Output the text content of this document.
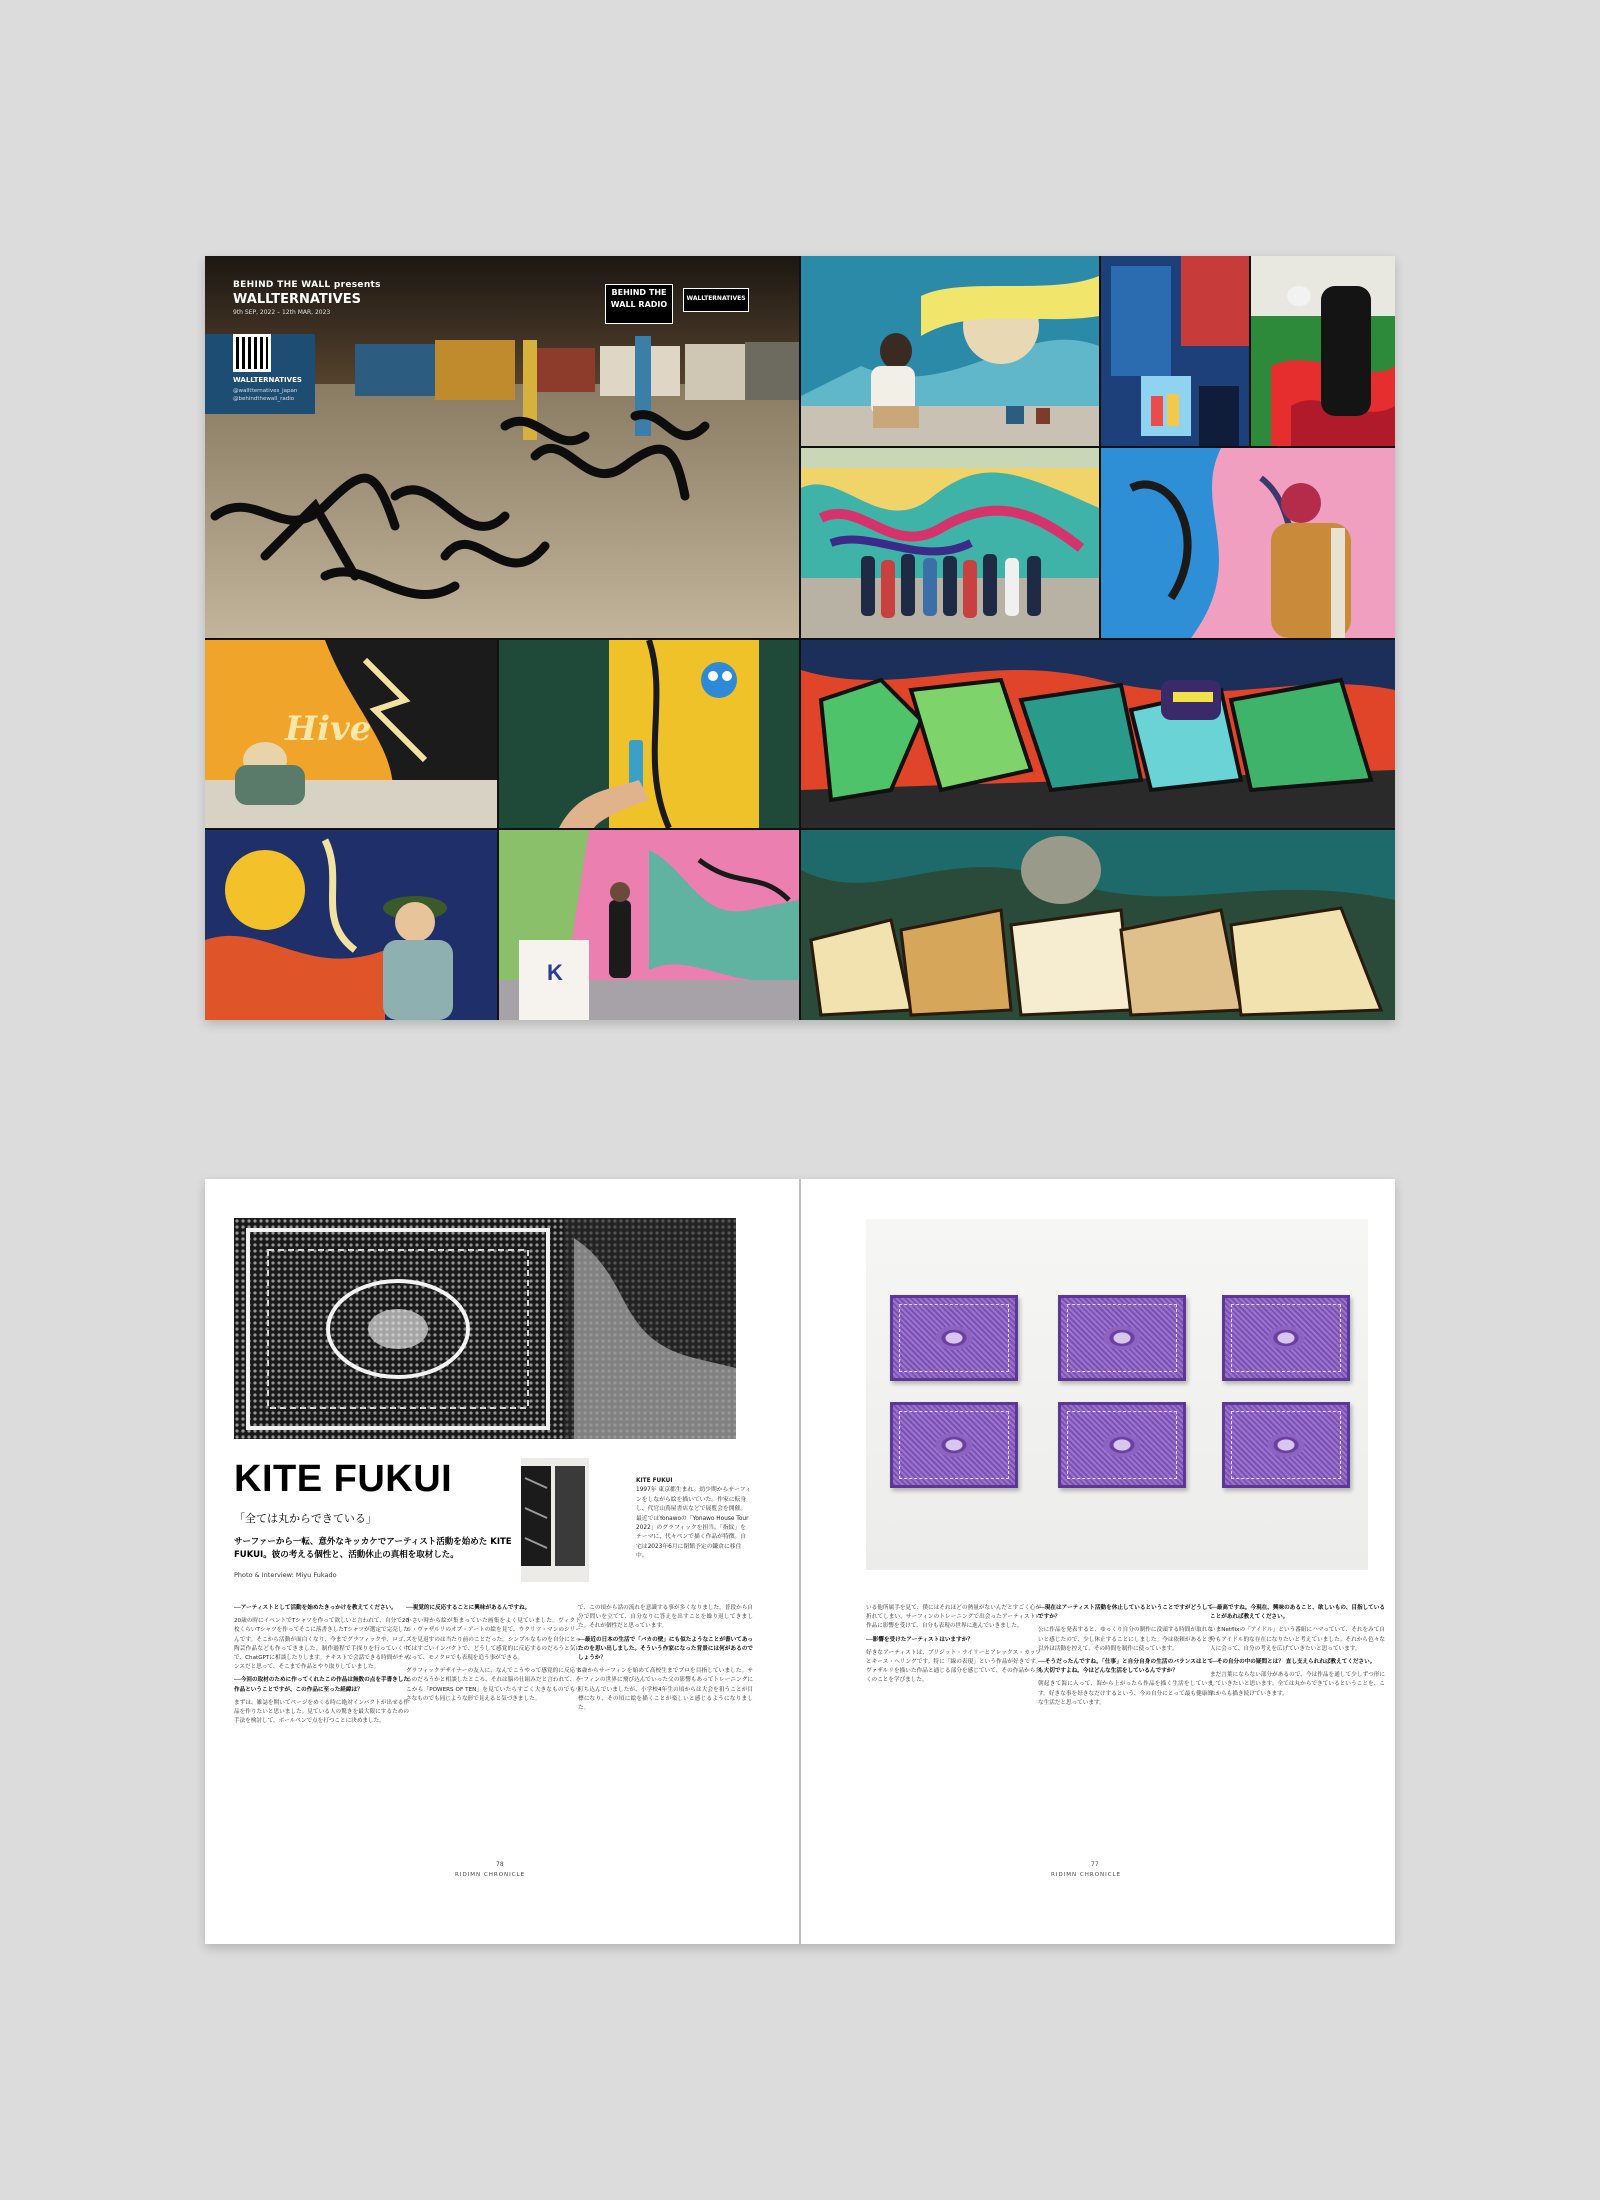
BEHIND THE WALL presents
WALLTERNATIVES
9th SEP, 2022 – 12th MAR, 2023
WALLTERNATIVES
@walltternatives_japan
@behindthewall_radio
BEHIND THE WALL RADIO
WALLTERNATIVES
Hive
K
KITE FUKUI
「全ては丸からできている」
サーファーから一転、意外なキッカケでアーティスト活動を始めた KITE FUKUI。彼の考える個性と、活動休止の真相を取材した。
Photo & Interview: Miyu Fukado
KITE FUKUI
1997年 東京都生まれ。幼少期からサーフィンをしながら絵を描いていた。作家に転身し、代官山蔦屋書店などで展覧会を開催。最近ではYonawoの「Yonawo House Tour 2022」のグラフィックを担当。「指紋」をテーマに、代々ペンで描く作品が特徴。自宅は2023年6月に閉館予定の鎌倉に移住中。

──アーティストとして活動を始めたきっかけを教えてください。

20歳の時にイベントでTシャツを作って欲しいと言われて、自分で20枚くらいTシャツを作ってそこに落書きしたTシャツが選定で完売したんです。そこから活動が面白くなり、今までグラフィックや、ロゴ、陶芸作品なども作ってきました。制作過程で手探りを行っていく中で、ChatGPTに相談したりします。テキストで会話できる時間がチャンスだと思って、そこまで作品とやり取りしていました。

──今回の取材のために作ってくれたこの作品は無数の点を手書きした作品ということですが、この作品に至った経緯は？

まずは、雑誌を開いてページをめくる時に絶対インパクトが出せる作品を作りたいと思いました。見ている人の驚きを最大限にするための手法を検討して、ボールペンで点を打つことに決めました。

──視覚的に反応することに興味があるんですね。

小さい時から絵が集まっていた画集をよく見ていました。ヴィクトル・ヴァザルリのオプ・アートの絵を見て、ウクリツ・マンのシリーズを見返すのは当たり前のことだった。シンプルなものを自分にとってはすごいインパクトで、どうして感覚的に反応するのだろうと気になって、モノクロでも表現を追う事ができる。

グラフィックデザイナーの友人に、なんでこうやって感覚的に反応するのだろうかと相談したところ、それは脳の仕組みだと言われて、そこから「POWERS OF TEN」を見ていたらすごく大きなものでも小さなものでも同じような形で見えると気づきました。

で、この頃から話の流れを意識する事が多くなりました。普段から自分で問いを立てて、自分なりに答えを出すことを繰り返してきました。それが個性だと思っています。

──最近の日本の生活で「バカの壁」にも似たようなことが書いてあったのを思い出しました。そういう作家になった背景には何があるのでしょうか？

5歳からサーフィンを始めて高校生までプロを目指していました。サーフィンの世界に飛び込んでいった父の影響もあってトレーニングに打ち込んでいましたが、小学校4年生の頃からは大会を狙うことが目標になり、その頃に絵を描くことが楽しいと感じるようになりました。

78
RIDIMN CHRONICLE

いる他所属手を見て、僕にはそれほどの熱量がないんだとすごく心が折れてしまい、サーフィンのトレーニングで出会ったアーティストの作品に影響を受けて、自分も表現の世界に進んでいきました。

──影響を受けたアーティストはいますか？

好きなアーティストは、ブリジット・ライリーとアレックス・カッツとキース・ヘリングです。特に「線の表現」という作品が好きです。ヴァザルリを描いた作品と通じる部分を感じていて、その作品から多くのことを学びました。

──現在はアーティスト活動を休止しているということですがどうしてですか？

公に作品を発表すると、ゆっくり自分の制作に没頭する時間が取れないと感じたので、少し休止することにしました。今は依頼があるとき以外は活動を控えて、その時間を制作に使っています。

──そうだったんですね。「仕事」と自分自身の生活のバランスはとても大切ですよね。今はどんな生活をしているんですか？

朝起きて海に入って、海から上がったら作品を描く生活をしています。好きな事を好きなだけするという、今の自分にとって最も健康的な生活だと思っています。

──最高ですね。今現在、興味のあること、欲しいもの、目指していることがあれば教えてください。

いまNetflixの「アイドル」という番組にハマっていて、それをみて自分もアイドル的な存在になりたいと考えていました。それから色々な人に会って、自分の考えを広げていきたいと思っています。

──その自分の中の疑問とは？ 直し支えられれば教えてください。

まだ言葉にならない部分があるので、今は作品を通して少しずつ形にしていきたいと思います。全ては丸からできているということを、これからも描き続けていきます。

77
RIDIMN CHRONICLE
